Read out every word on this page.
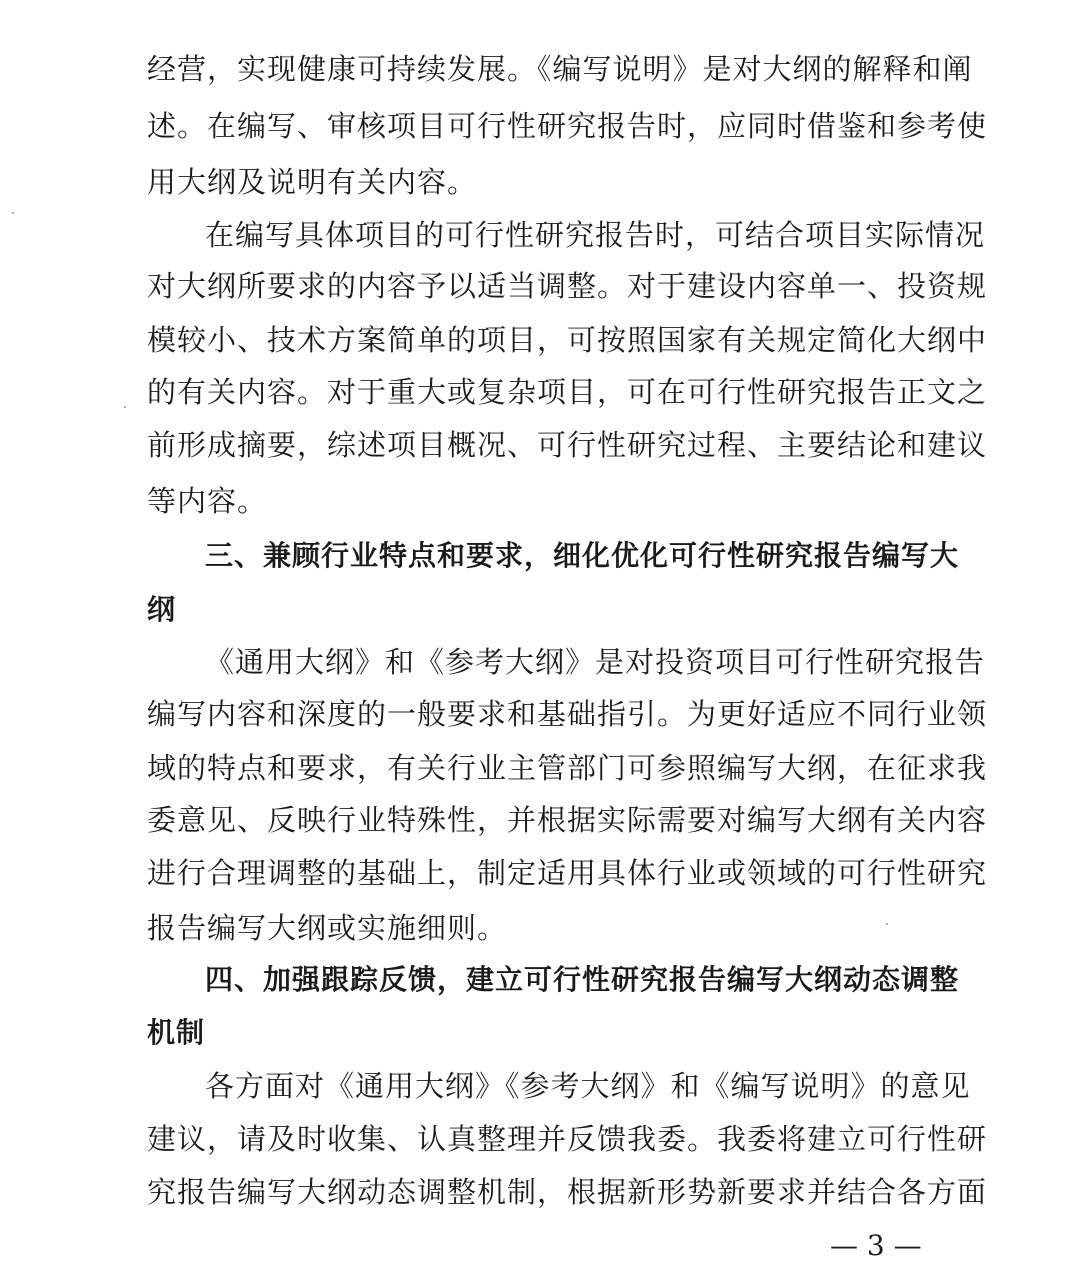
经营，实现健康可持续发展。《编写说明》是对大纲的解释和阐
述。在编写、审核项目可行性研究报告时，应同时借鉴和参考使
用大纲及说明有关内容。
在编写具体项目的可行性研究报告时，可结合项目实际情况
对大纲所要求的内容予以适当调整。对于建设内容单一、投资规
模较小、技术方案简单的项目，可按照国家有关规定简化大纲中
的有关内容。对于重大或复杂项目，可在可行性研究报告正文之
前形成摘要，综述项目概况、可行性研究过程、主要结论和建议
等内容。
三、兼顾行业特点和要求，细化优化可行性研究报告编写大
纲
《通用大纲》和《参考大纲》是对投资项目可行性研究报告
编写内容和深度的一般要求和基础指引。为更好适应不同行业领
域的特点和要求，有关行业主管部门可参照编写大纲，在征求我
委意见、反映行业特殊性，并根据实际需要对编写大纲有关内容
进行合理调整的基础上，制定适用具体行业或领域的可行性研究
报告编写大纲或实施细则。
四、加强跟踪反馈，建立可行性研究报告编写大纲动态调整
机制
各方面对《通用大纲》《参考大纲》和《编写说明》的意见
建议，请及时收集、认真整理并反馈我委。我委将建立可行性研
究报告编写大纲动态调整机制，根据新形势新要求并结合各方面
— 3 —
